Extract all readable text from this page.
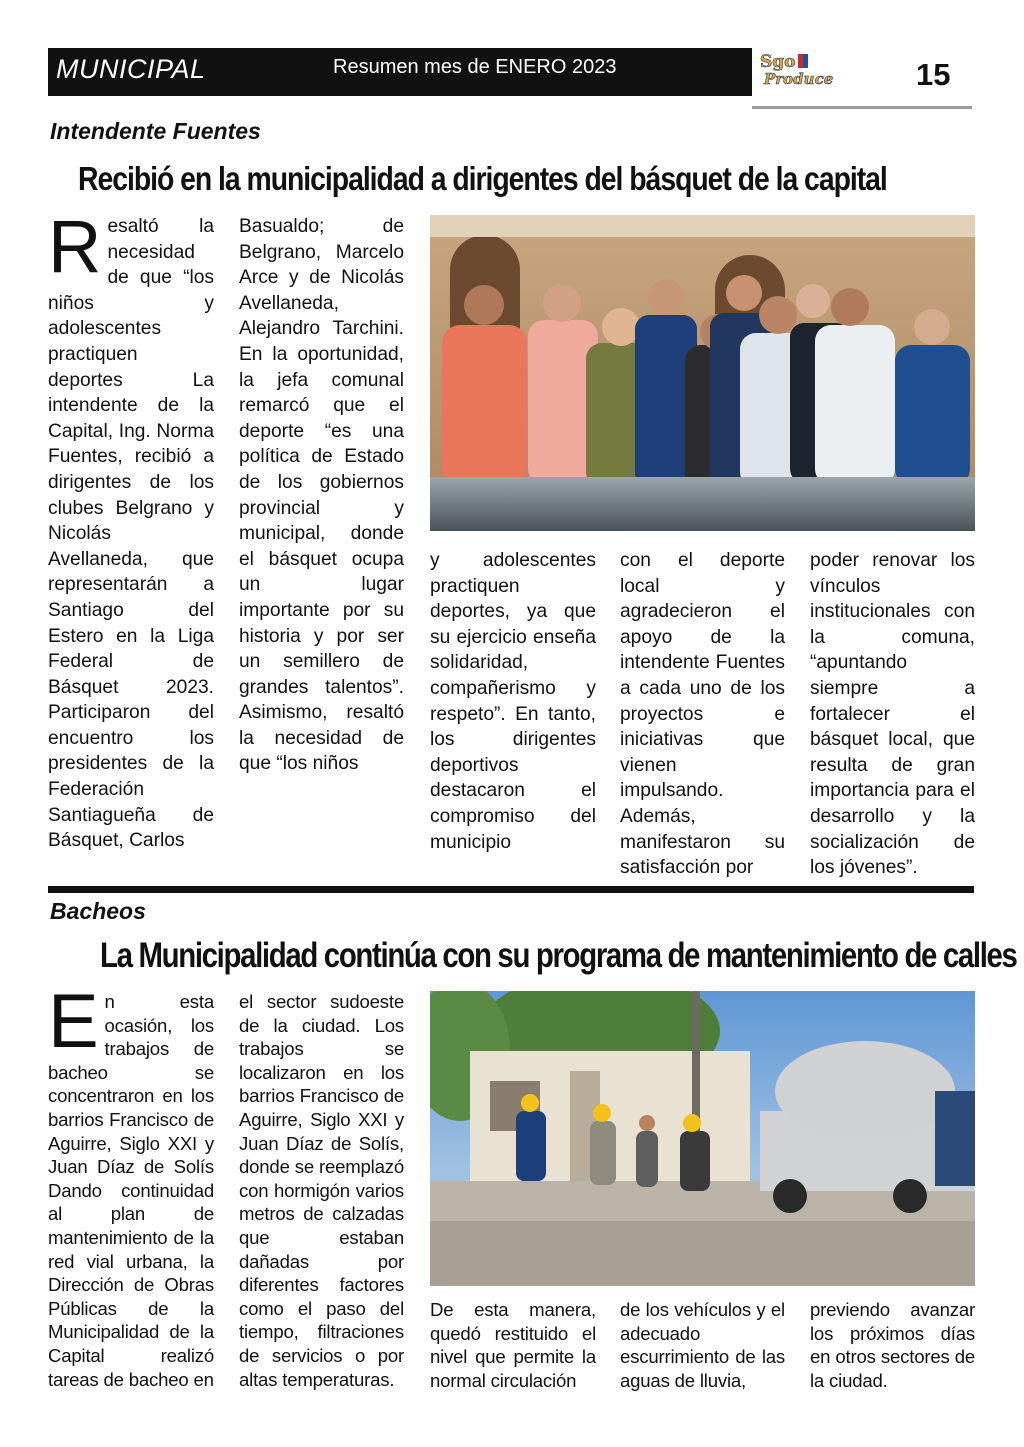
MUNICIPAL	Resumen mes de ENERO 2023	Sgo
Produce	15
Intendente Fuentes
Recibió en la municipalidad a dirigentes del básquet de la capital
Resaltó la necesidad de que “los niños y adolescentes practiquen deportes La intendente de la Capital, Ing. Norma Fuentes, recibió a dirigentes de los clubes Belgrano y Nicolás Avellaneda, que representarán a Santiago del Estero en la Liga Federal de Básquet 2023. Participaron del encuentro los presidentes de la Federación Santiagueña de Básquet, Carlos
Basualdo; de Belgrano, Marcelo Arce y de Nicolás Avellaneda, Alejandro Tarchini. En la oportunidad, la jefa comunal remarcó que el deporte “es una política de Estado de los gobiernos provincial y municipal, donde el básquet ocupa un lugar importante por su historia y por ser un semillero de grandes talentos”. Asimismo, resaltó la necesidad de que “los niños
y adolescentes practiquen deportes, ya que su ejercicio enseña solidaridad, compañerismo y respeto”. En tanto, los dirigentes deportivos destacaron el compromiso del municipio
con el deporte local y agradecieron el apoyo de la intendente Fuentes a cada uno de los proyectos e iniciativas que vienen impulsando. Además, manifestaron su satisfacción por
poder renovar los vínculos institucionales con la comuna, “apuntando siempre a fortalecer el básquet local, que resulta de gran importancia para el desarrollo y la socialización de los jóvenes”.
Bacheos
La Municipalidad continúa con su programa de mantenimiento de calles
En esta ocasión, los trabajos de bacheo se concentraron en los barrios Francisco de Aguirre, Siglo XXI y Juan Díaz de Solís Dando continuidad al plan de mantenimiento de la red vial urbana, la Dirección de Obras Públicas de la Municipalidad de la Capital realizó tareas de bacheo en
el sector sudoeste de la ciudad. Los trabajos se localizaron en los barrios Francisco de Aguirre, Siglo XXI y Juan Díaz de Solís, donde se reemplazó con hormigón varios metros de calzadas que estaban dañadas por diferentes factores como el paso del tiempo, filtraciones de servicios o por altas temperaturas.
De esta manera, quedó restituido el nivel que permite la normal circulación
de los vehículos y el adecuado escurrimiento de las aguas de lluvia,
previendo avanzar los próximos días en otros sectores de la ciudad.
